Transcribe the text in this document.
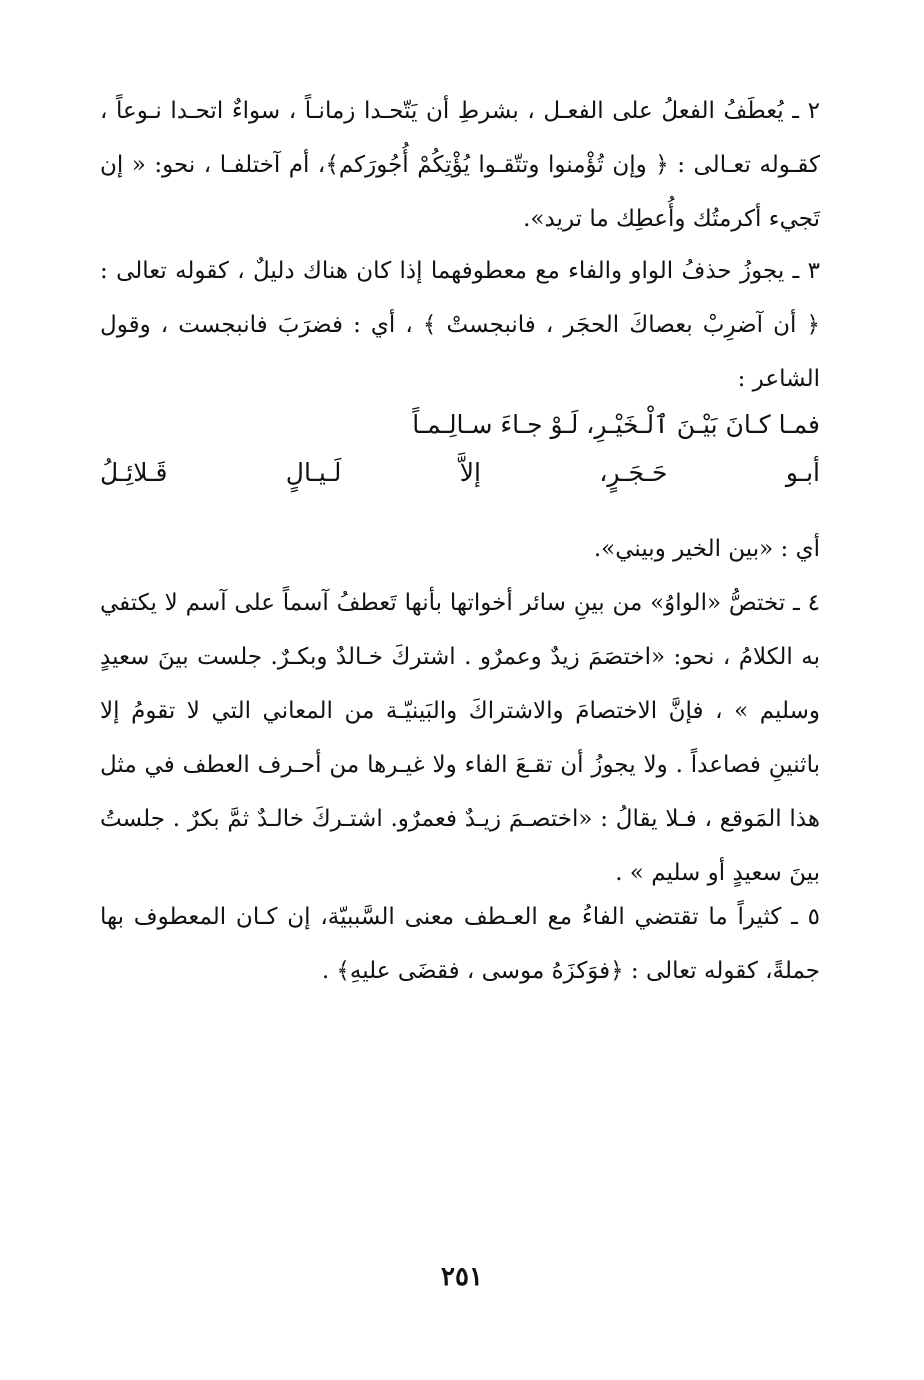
٢ ـ يُعطَفُ الفعلُ على الفعـل ، بشرطِ أن يَتّحـدا زمانـاً ، سواءٌ اتحـدا نـوعاً ، كقـوله تعـالى : ﴿ وإن تُؤْمنوا وتتّقـوا يُؤْتِكُمْ أُجُورَكم﴾، أم آختلفـا ، نحو: « إن تَجيء أكرمتُك وأُعطِك ما تريد».
٣ ـ يجوزُ حذفُ الواو والفاء مع معطوفهما إذا كان هناك دليلٌ ، كقوله تعالى : ﴿ أن آضرِبْ بعصاكَ الحجَر ، فانبجستْ ﴾ ، أي : فضرَبَ فانبجست ، وقول الشاعر :
فمـا كـانَ بَيْـنَ ٱلْـخَيْـرِ، لَـوْ جـاءَ سـالِـمـاً
أبـو
حَـجَـرٍ،
إلاَّ
لَـيـالٍ
قَـلائِـلُ
أي : «بين الخير وبيني».
٤ ـ تختصُّ «الواوُ» من بينِ سائر أخواتها بأنها تَعطفُ آسماً على آسم لا يكتفي به الكلامُ ، نحو: «اختصَمَ زيدٌ وعمرٌو . اشتركَ خـالدٌ وبكـرٌ. جلست بينَ سعيدٍ وسليم » ، فإنَّ الاختصامَ والاشتراكَ والبَينيّـة من المعاني التي لا تقومُ إلا باثنينِ فصاعداً . ولا يجوزُ أن تقـعَ الفاء ولا غيـرها من أحـرف العطف في مثل هذا المَوقع ، فـلا يقالُ : «اختصـمَ زيـدٌ فعمرٌو. اشتـركَ خالـدٌ ثمَّ بكرٌ . جلستُ بينَ سعيدٍ أو سليم » .
٥ ـ كثيراً ما تقتضي الفاءُ مع العـطف معنى السَّببيّة، إن كـان المعطوف بها جملةً، كقوله تعالى : ﴿فوَكزَهُ موسى ، فقضَى عليهِ﴾ .
٢٥١
